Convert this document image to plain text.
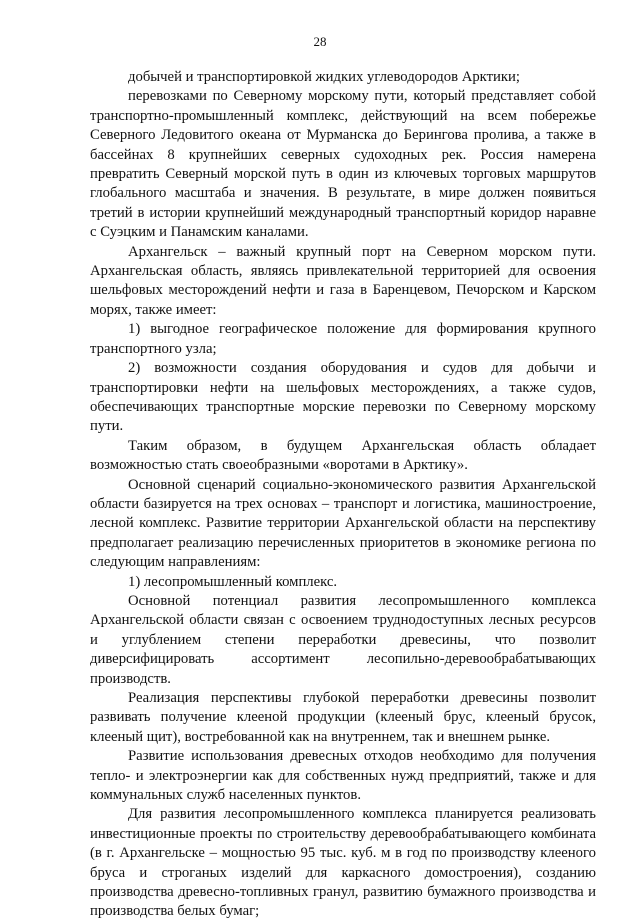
28

добычей и транспортировкой жидких углеводородов Арктики;

перевозками по Северному морскому пути, который представляет собой транспортно-промышленный комплекс, действующий на всем побережье Северного Ледовитого океана от Мурманска до Берингова пролива, а также в бассейнах 8 крупнейших северных судоходных рек. Россия намерена превратить Северный морской путь в один из ключевых торговых маршрутов глобального масштаба и значения. В результате, в мире должен появиться третий в истории крупнейший международный транспортный коридор наравне с Суэцким и Панамским каналами.

Архангельск – важный крупный порт на Северном морском пути. Архангельская область, являясь привлекательной территорией для освоения шельфовых месторождений нефти и газа в Баренцевом, Печорском и Карском морях, также имеет:

1) выгодное географическое положение для формирования крупного транспортного узла;

2) возможности создания оборудования и судов для добычи и транспортировки нефти на шельфовых месторождениях, а также судов, обеспечивающих транспортные морские перевозки по Северному морскому пути.

Таким образом, в будущем Архангельская область обладает возможностью стать своеобразными «воротами в Арктику».

Основной сценарий социально-экономического развития Архангельской области базируется на трех основах – транспорт и логистика, машиностроение, лесной комплекс. Развитие территории Архангельской области на перспективу предполагает реализацию перечисленных приоритетов в экономике региона по следующим направлениям:

1) лесопромышленный комплекс.

Основной потенциал развития лесопромышленного комплекса Архангельской области связан с освоением труднодоступных лесных ресурсов и углублением степени переработки древесины, что позволит диверсифицировать ассортимент лесопильно-деревообрабатывающих производств.

Реализация перспективы глубокой переработки древесины позволит развивать получение клееной продукции (клееный брус, клееный брусок, клееный щит), востребованной как на внутреннем, так и внешнем рынке.

Развитие использования древесных отходов необходимо для получения тепло- и электроэнергии как для собственных нужд предприятий, также и для коммунальных служб населенных пунктов.

Для развития лесопромышленного комплекса планируется реализовать инвестиционные проекты по строительству деревообрабатывающего комбината (в г. Архангельске – мощностью 95 тыс. куб. м в год по производству клееного бруса и строганых изделий для каркасного домостроения), созданию производства древесно-топливных гранул, развитию бумажного производства и производства белых бумаг;
